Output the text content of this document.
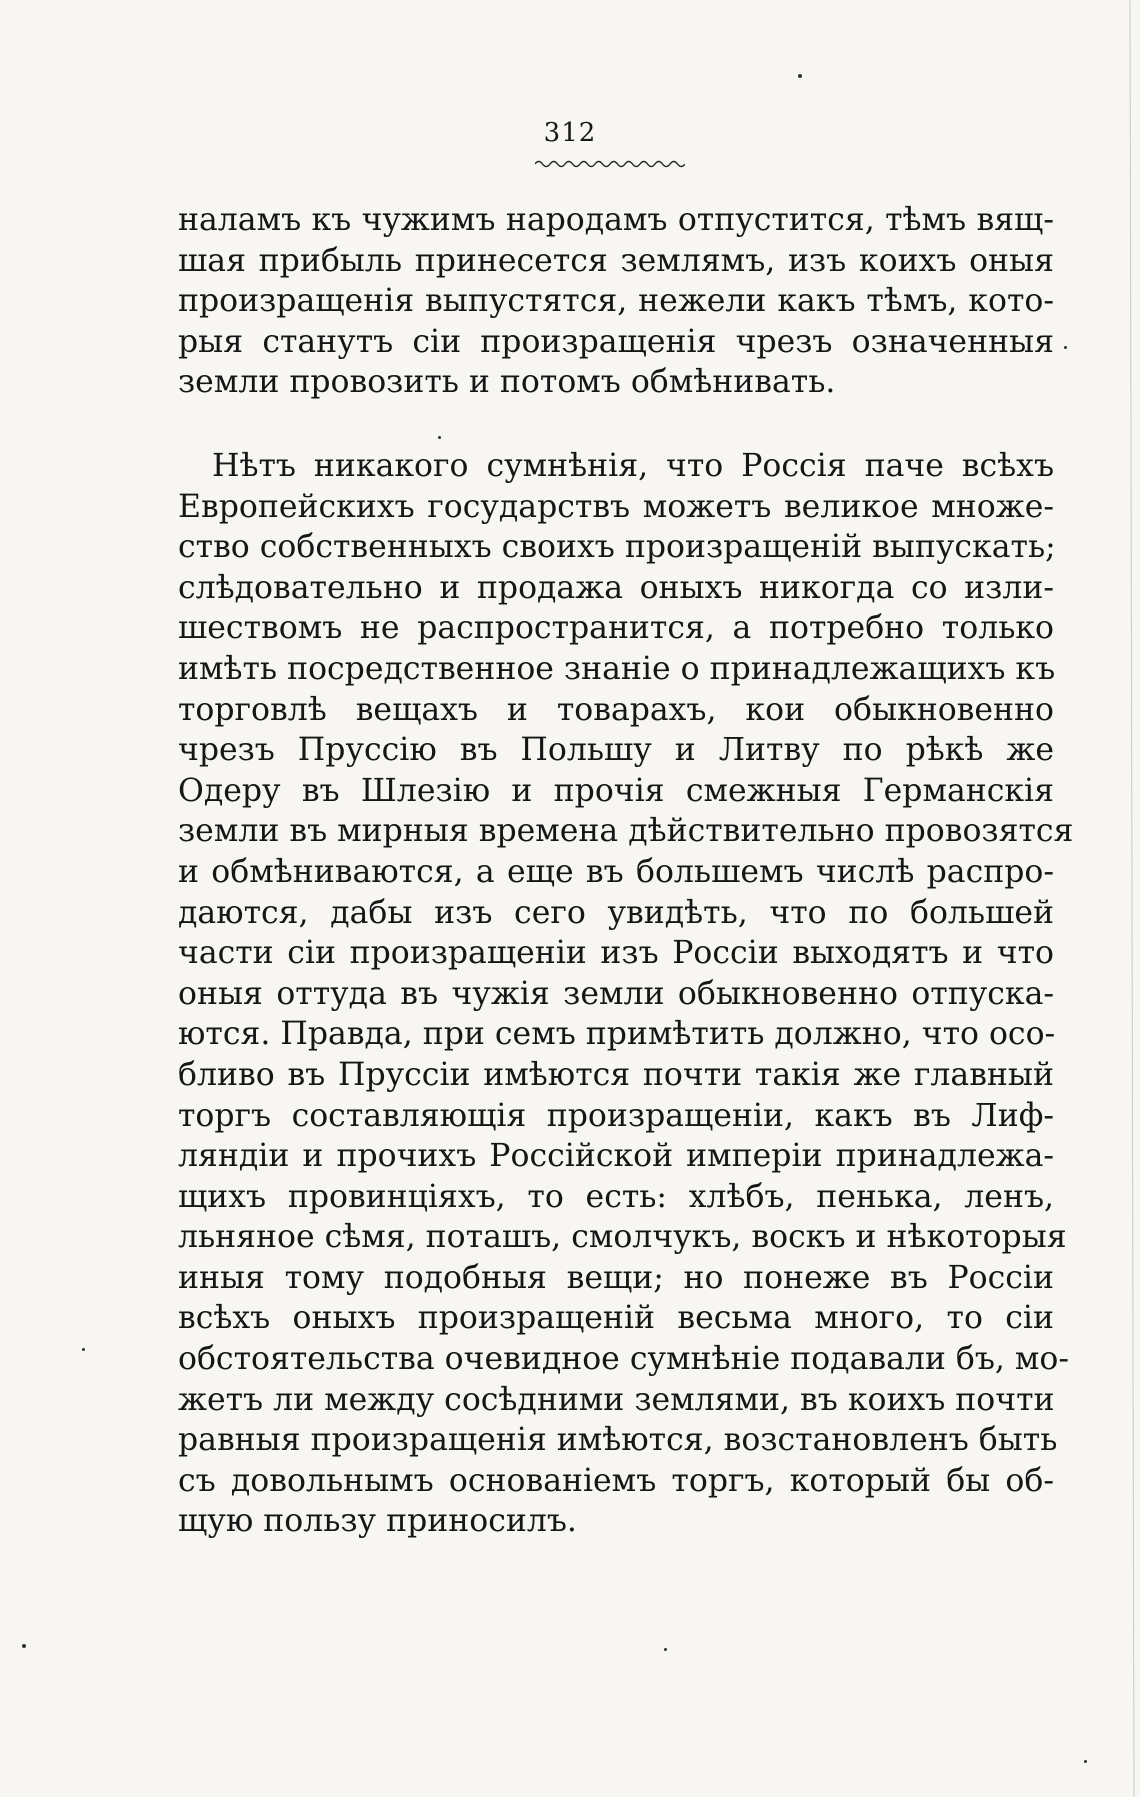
312
наламъ къ чужимъ народамъ отпустится, тѣмъ вящ-
шая прибыль принесется землямъ, изъ коихъ оныя
произращенія выпустятся, нежели какъ тѣмъ, кото-
рыя станутъ сіи произращенія чрезъ означенныя
земли провозить и потомъ обмѣнивать.
Нѣтъ никакого сумнѣнія, что Россія паче всѣхъ
Европейскихъ государствъ можетъ великое множе-
ство собственныхъ своихъ произращеній выпускать;
слѣдовательно и продажа оныхъ никогда со изли-
шествомъ не распространится, а потребно только
имѣть посредственное знаніе о принадлежащихъ къ
торговлѣ вещахъ и товарахъ, кои обыкновенно
чрезъ Пруссію въ Польшу и Литву по рѣкѣ же
Одеру въ Шлезію и прочія смежныя Германскія
земли въ мирныя времена дѣйствительно провозятся
и обмѣниваются, а еще въ большемъ числѣ распро-
даются, дабы изъ сего увидѣть, что по большей
части сіи произращеніи изъ Россіи выходятъ и что
оныя оттуда въ чужія земли обыкновенно отпуска-
ются. Правда, при семъ примѣтить должно, что осо-
бливо въ Пруссіи имѣются почти такія же главный
торгъ составляющія произращеніи, какъ въ Лиф-
ляндіи и прочихъ Россійской имперіи принадлежа-
щихъ провинціяхъ, то есть: хлѣбъ, пенька, ленъ,
льняное сѣмя, поташъ, смолчукъ, воскъ и нѣкоторыя
иныя тому подобныя вещи; но понеже въ Россіи
всѣхъ оныхъ произращеній весьма много, то сіи
обстоятельства очевидное сумнѣніе подавали бъ, мо-
жетъ ли между сосѣдними землями, въ коихъ почти
равныя произращенія имѣются, возстановленъ быть
съ довольнымъ основаніемъ торгъ, который бы об-
щую пользу приносилъ.
